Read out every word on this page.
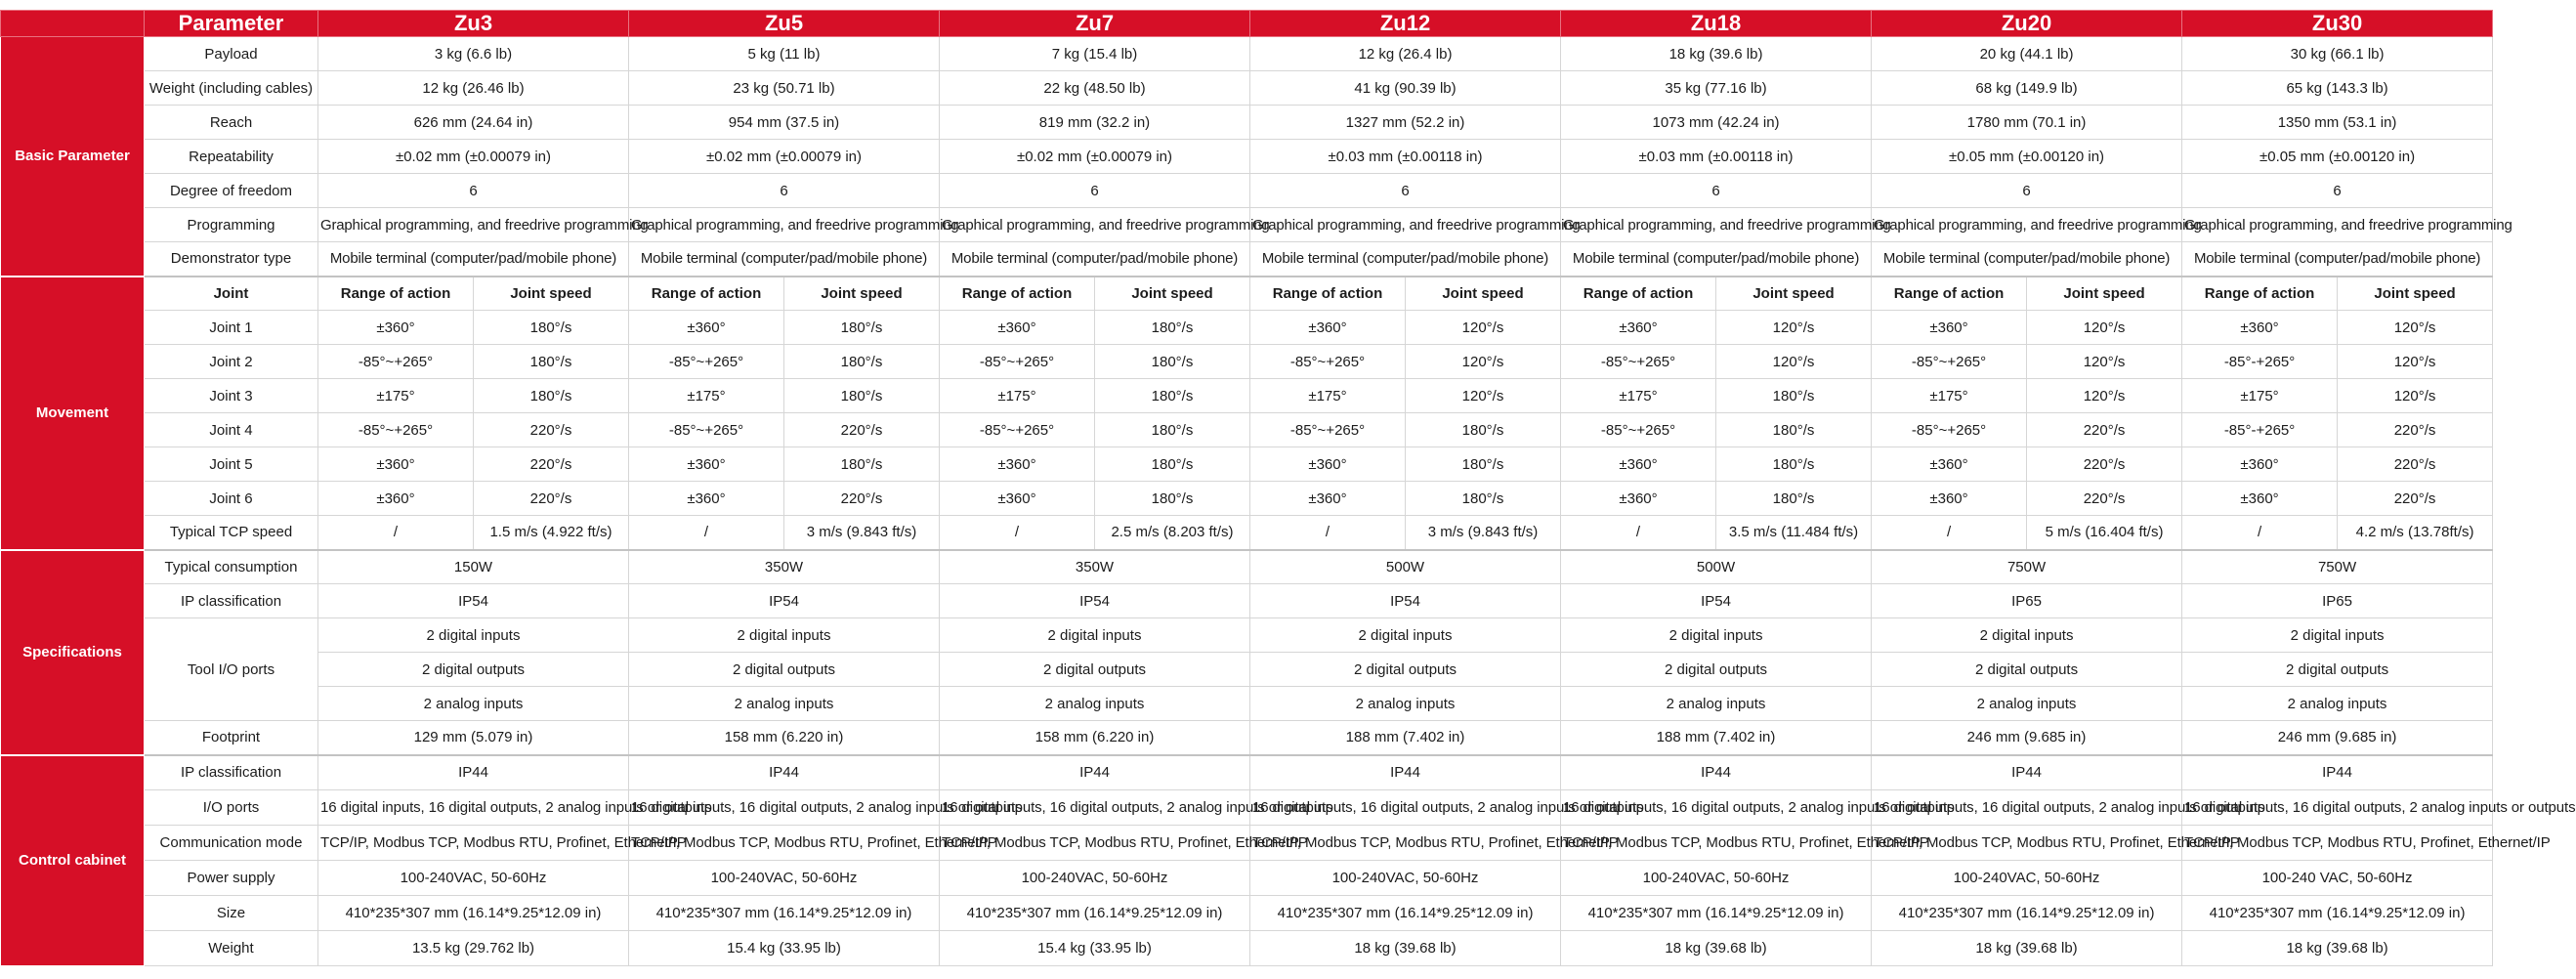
	Parameter	Zu3		Zu5		Zu7		Zu12		Zu18		Zu20		Zu30	
Basic Parameter	Payload	3 kg (6.6 lb)		5 kg (11 lb)		7 kg (15.4 lb)		12 kg (26.4 lb)		18 kg (39.6 lb)		20 kg (44.1 lb)		30 kg (66.1 lb)	
	Weight (including cables)	12 kg (26.46 lb)		23 kg (50.71 lb)		22 kg (48.50 lb)		41 kg (90.39 lb)		35 kg (77.16 lb)		68 kg (149.9 lb)		65 kg (143.3 lb)	
	Reach	626 mm (24.64 in)		954 mm (37.5 in)		819 mm (32.2 in)		1327 mm (52.2 in)		1073 mm (42.24 in)		1780 mm (70.1 in)		1350 mm (53.1 in)	
	Repeatability	±0.02 mm (±0.00079 in)		±0.02 mm (±0.00079 in)		±0.02 mm (±0.00079 in)		±0.03 mm (±0.00118 in)		±0.03 mm (±0.00118 in)		±0.05 mm (±0.00120 in)		±0.05 mm (±0.00120 in)	
	Degree of freedom	6		6		6		6		6		6		6	
	Programming	Graphical programming, and freedrive programming		Graphical programming, and freedrive programming		Graphical programming, and freedrive programming		Graphical programming, and freedrive programming		Graphical programming, and freedrive programming		Graphical programming, and freedrive programming		Graphical programming, and freedrive programming	
	Demonstrator type	Mobile terminal (computer/pad/mobile phone)		Mobile terminal (computer/pad/mobile phone)		Mobile terminal (computer/pad/mobile phone)		Mobile terminal (computer/pad/mobile phone)		Mobile terminal (computer/pad/mobile phone)		Mobile terminal (computer/pad/mobile phone)		Mobile terminal (computer/pad/mobile phone)	
Movement	Joint	Range of action	Joint speed	Range of action	Joint speed	Range of action	Joint speed	Range of action	Joint speed	Range of action	Joint speed	Range of action	Joint speed	Range of action	Joint speed
	Joint 1	±360°	180°/s	±360°	180°/s	±360°	180°/s	±360°	120°/s	±360°	120°/s	±360°	120°/s	±360°	120°/s
	Joint 2	-85°~+265°	180°/s	-85°~+265°	180°/s	-85°~+265°	180°/s	-85°~+265°	120°/s	-85°~+265°	120°/s	-85°~+265°	120°/s	-85°-+265°	120°/s
	Joint 3	±175°	180°/s	±175°	180°/s	±175°	180°/s	±175°	120°/s	±175°	180°/s	±175°	120°/s	±175°	120°/s
	Joint 4	-85°~+265°	220°/s	-85°~+265°	220°/s	-85°~+265°	180°/s	-85°~+265°	180°/s	-85°~+265°	180°/s	-85°~+265°	220°/s	-85°-+265°	220°/s
	Joint 5	±360°	220°/s	±360°	180°/s	±360°	180°/s	±360°	180°/s	±360°	180°/s	±360°	220°/s	±360°	220°/s
	Joint 6	±360°	220°/s	±360°	220°/s	±360°	180°/s	±360°	180°/s	±360°	180°/s	±360°	220°/s	±360°	220°/s
	Typical TCP speed	/	1.5 m/s (4.922 ft/s)	/	3 m/s (9.843 ft/s)	/	2.5 m/s (8.203 ft/s)	/	3 m/s (9.843 ft/s)	/	3.5 m/s (11.484 ft/s)	/	5 m/s (16.404 ft/s)	/	4.2 m/s (13.78ft/s)
Specifications	Typical consumption	150W		350W		350W		500W		500W		750W		750W	
	IP classification	IP54		IP54		IP54		IP54		IP54		IP65		IP65	
	Tool I/O ports	2 digital inputs		2 digital inputs		2 digital inputs		2 digital inputs		2 digital inputs		2 digital inputs		2 digital inputs	
		2 digital outputs		2 digital outputs		2 digital outputs		2 digital outputs		2 digital outputs		2 digital outputs		2 digital outputs	
		2 analog inputs		2 analog inputs		2 analog inputs		2 analog inputs		2 analog inputs		2 analog inputs		2 analog inputs	
	Footprint	129 mm (5.079 in)		158 mm (6.220 in)		158 mm (6.220 in)		188 mm (7.402 in)		188 mm (7.402 in)		246 mm (9.685 in)		246 mm (9.685 in)	
Control cabinet	IP classification	IP44		IP44		IP44		IP44		IP44		IP44		IP44	
	I/O ports	16 digital inputs, 16 digital outputs, 2 analog inputs or outputs		16 digital inputs, 16 digital outputs, 2 analog inputs or outputs		16 digital inputs, 16 digital outputs, 2 analog inputs or outputs		16 digital inputs, 16 digital outputs, 2 analog inputs or outputs		16 digital inputs, 16 digital outputs, 2 analog inputs or outputs		16 digital inputs, 16 digital outputs, 2 analog inputs or outputs		16 digital inputs, 16 digital outputs, 2 analog inputs or outputs	
	Communication mode	TCP/IP, Modbus TCP, Modbus RTU, Profinet, Ethernet/IP		TCP/IP, Modbus TCP, Modbus RTU, Profinet, Ethernet/IP		TCP/IP, Modbus TCP, Modbus RTU, Profinet, Ethernet/IP		TCP/IP, Modbus TCP, Modbus RTU, Profinet, Ethernet/IP		TCP/IP, Modbus TCP, Modbus RTU, Profinet, Ethernet/IP		TCP/IP, Modbus TCP, Modbus RTU, Profinet, Ethernet/IP		TCP/IP, Modbus TCP, Modbus RTU, Profinet, Ethernet/IP	
	Power supply	100-240VAC, 50-60Hz		100-240VAC, 50-60Hz		100-240VAC, 50-60Hz		100-240VAC, 50-60Hz		100-240VAC, 50-60Hz		100-240VAC, 50-60Hz		100-240 VAC, 50-60Hz	
	Size	410*235*307 mm (16.14*9.25*12.09 in)		410*235*307 mm (16.14*9.25*12.09 in)		410*235*307 mm (16.14*9.25*12.09 in)		410*235*307 mm (16.14*9.25*12.09 in)		410*235*307 mm (16.14*9.25*12.09 in)		410*235*307 mm (16.14*9.25*12.09 in)		410*235*307 mm (16.14*9.25*12.09 in)	
	Weight	13.5 kg (29.762 lb)		15.4 kg (33.95 lb)		15.4 kg (33.95 lb)		18 kg (39.68 lb)		18 kg (39.68 lb)		18 kg (39.68 lb)		18 kg (39.68 lb)	
